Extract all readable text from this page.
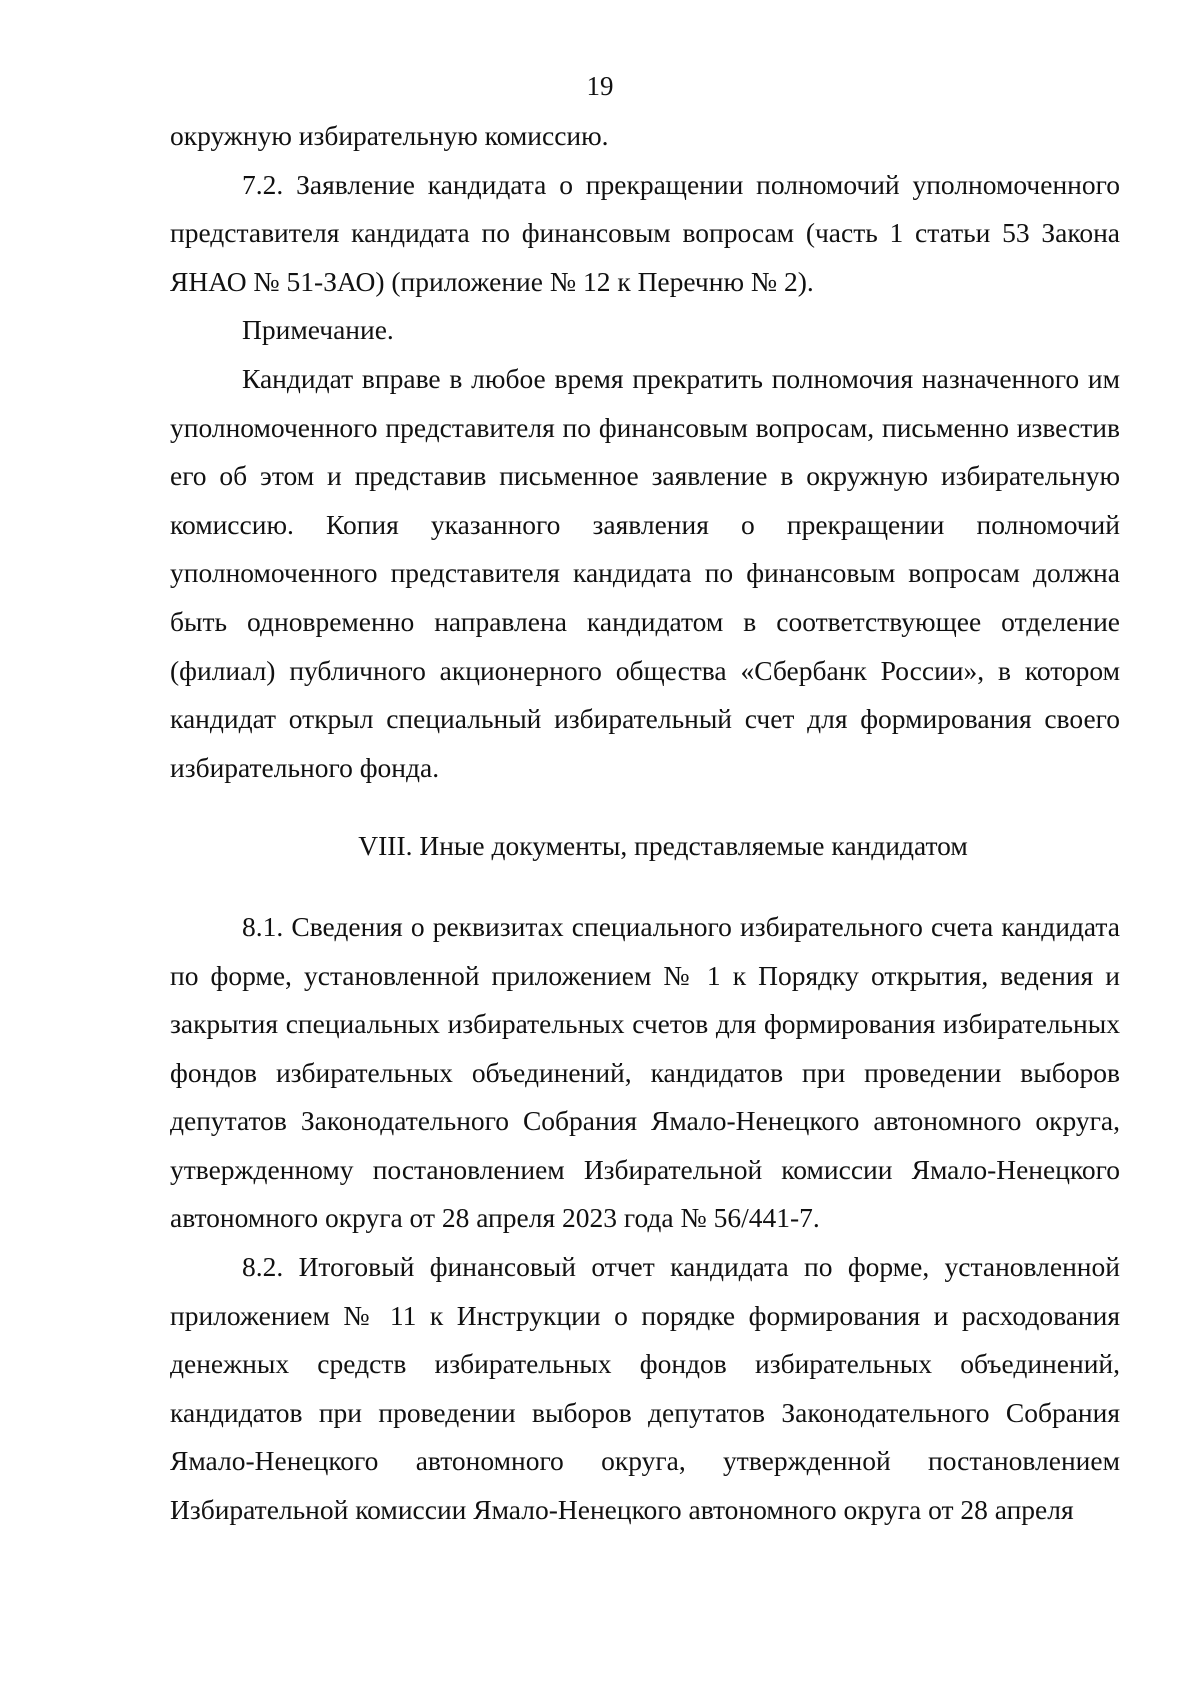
19

окружную избирательную комиссию.

7.2. Заявление кандидата о прекращении полномочий уполномоченного представителя кандидата по финансовым вопросам (часть 1 статьи 53 Закона ЯНАО № 51-ЗАО) (приложение № 12 к Перечню № 2).

Примечание.

Кандидат вправе в любое время прекратить полномочия назначенного им уполномоченного представителя по финансовым вопросам, письменно известив его об этом и представив письменное заявление в окружную избирательную комиссию. Копия указанного заявления о прекращении полномочий уполномоченного представителя кандидата по финансовым вопросам должна быть одновременно направлена кандидатом в соответствующее отделение (филиал) публичного акционерного общества «Сбербанк России», в котором кандидат открыл специальный избирательный счет для формирования своего избирательного фонда.

VIII. Иные документы, представляемые кандидатом

8.1. Сведения о реквизитах специального избирательного счета кандидата по форме, установленной приложением № 1 к Порядку открытия, ведения и закрытия специальных избирательных счетов для формирования избирательных фондов избирательных объединений, кандидатов при проведении выборов депутатов Законодательного Собрания Ямало-Ненецкого автономного округа, утвержденному постановлением Избирательной комиссии Ямало-Ненецкого автономного округа от 28 апреля 2023 года № 56/441-7.

8.2. Итоговый финансовый отчет кандидата по форме, установленной приложением № 11 к Инструкции о порядке формирования и расходования денежных средств избирательных фондов избирательных объединений, кандидатов при проведении выборов депутатов Законодательного Собрания Ямало-Ненецкого автономного округа, утвержденной постановлением Избирательной комиссии Ямало-Ненецкого автономного округа от 28 апреля
